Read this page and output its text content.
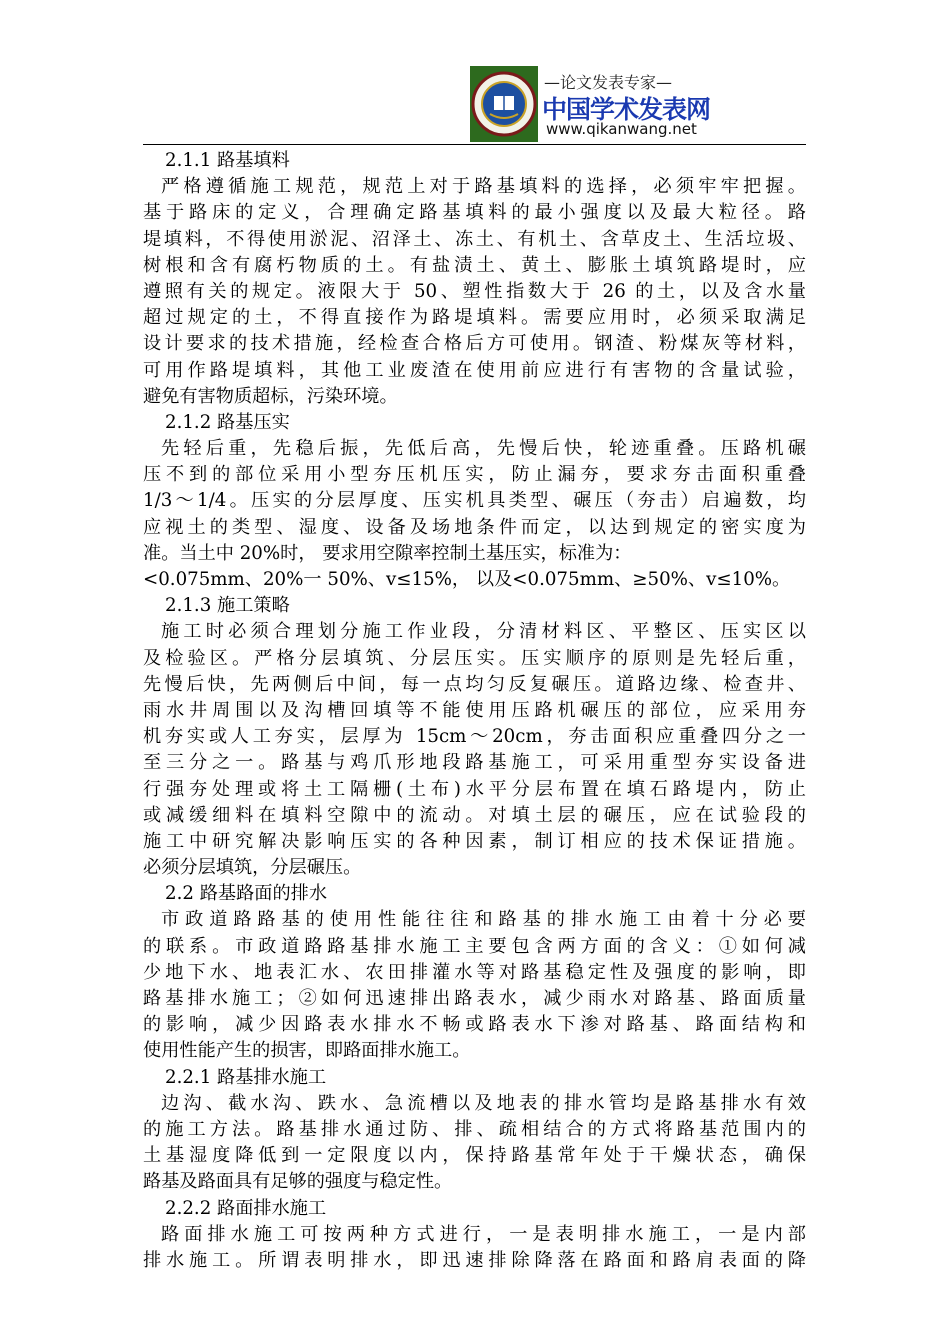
—论文发表专家—
中国学术发表网
www.qikanwang.net
2.1.1 路基填料
严格遵循施工规范，规范上对于路基填料的选择，必须牢牢把握。
基于路床的定义，合理确定路基填料的最小强度以及最大粒径。路
堤填料，不得使用淤泥、沼泽土、冻土、有机土、含草皮土、生活垃圾、
树根和含有腐朽物质的土。有盐渍土、黄土、膨胀土填筑路堤时，应
遵照有关的规定。液限大于 50、塑性指数大于 26 的土，以及含水量
超过规定的土，不得直接作为路堤填料。需要应用时，必须采取满足
设计要求的技术措施，经检查合格后方可使用。钢渣、粉煤灰等材料，
可用作路堤填料，其他工业废渣在使用前应进行有害物的含量试验，
避免有害物质超标，污染环境。
2.1.2 路基压实
先轻后重，先稳后振，先低后高，先慢后快，轮迹重叠。压路机碾
压不到的部位采用小型夯压机压实，防止漏夯，要求夯击面积重叠
1/3～1/4。压实的分层厚度、压实机具类型、碾压（夯击）启遍数，均
应视土的类型、湿度、设备及场地条件而定，以达到规定的密实度为
准。当土中 20%时， 要求用空隙率控制土基压实，标准为：
<0.075mm、20%一 50%、v≤15%， 以及<0.075mm、≥50%、v≤10%。
2.1.3 施工策略
施工时必须合理划分施工作业段，分清材料区、平整区、压实区以
及检验区。严格分层填筑、分层压实。压实顺序的原则是先轻后重，
先慢后快，先两侧后中间，每一点均匀反复碾压。道路边缘、检查井、
雨水井周围以及沟槽回填等不能使用压路机碾压的部位，应采用夯
机夯实或人工夯实，层厚为 15cm～20cm，夯击面积应重叠四分之一
至三分之一。路基与鸡爪形地段路基施工，可采用重型夯实设备进
行强夯处理或将土工隔栅(土布)水平分层布置在填石路堤内，防止
或减缓细料在填料空隙中的流动。对填土层的碾压，应在试验段的
施工中研究解决影响压实的各种因素，制订相应的技术保证措施。
必须分层填筑，分层碾压。
2.2 路基路面的排水
市政道路路基的使用性能往往和路基的排水施工由着十分必要
的联系。市政道路路基排水施工主要包含两方面的含义：①如何减
少地下水、地表汇水、农田排灌水等对路基稳定性及强度的影响，即
路基排水施工；②如何迅速排出路表水，减少雨水对路基、路面质量
的影响，减少因路表水排水不畅或路表水下渗对路基、路面结构和
使用性能产生的损害，即路面排水施工。
2.2.1 路基排水施工
边沟、截水沟、跌水、急流槽以及地表的排水管均是路基排水有效
的施工方法。路基排水通过防、排、疏相结合的方式将路基范围内的
土基湿度降低到一定限度以内，保持路基常年处于干燥状态，确保
路基及路面具有足够的强度与稳定性。
2.2.2 路面排水施工
路面排水施工可按两种方式进行，一是表明排水施工，一是内部
排水施工。所谓表明排水，即迅速排除降落在路面和路肩表面的降
